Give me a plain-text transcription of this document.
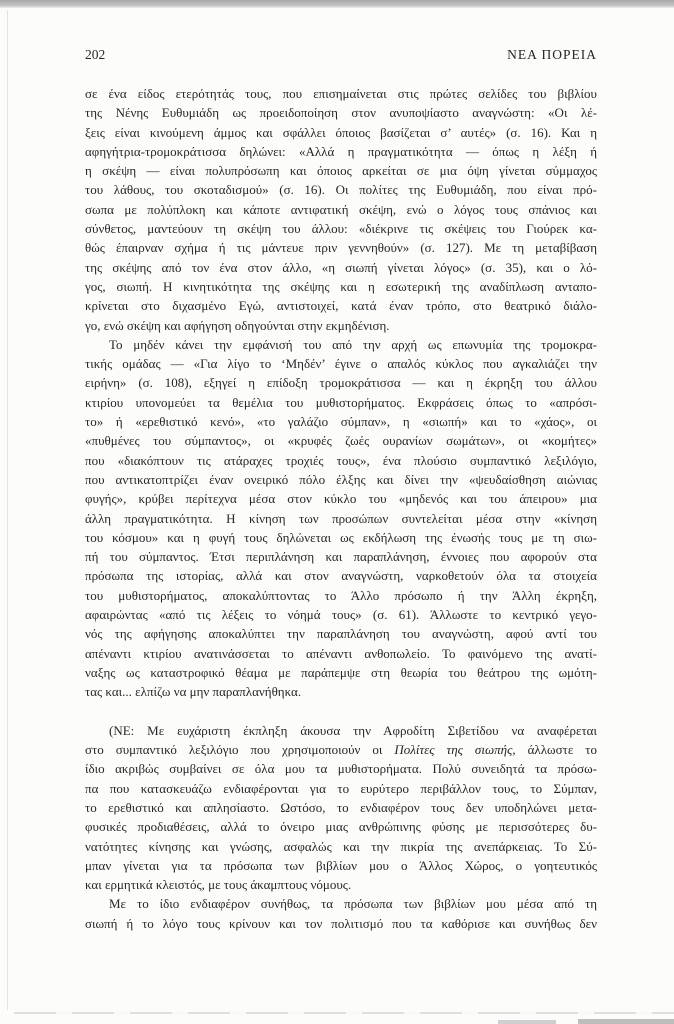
202	ΝΕΑ ΠΟΡΕΙΑ
σε ένα είδος ετερότητάς τους, που επισημαίνεται στις πρώτες σελίδες του βιβλίου
της Νένης Ευθυμιάδη ως προειδοποίηση στον ανυποψίαστο αναγνώστη: «Οι λέ-
ξεις είναι κινούμενη άμμος και σφάλλει όποιος βασίζεται σ’ αυτές» (σ. 16). Και η
αφηγήτρια-τρομοκράτισσα δηλώνει: «Αλλά η πραγματικότητα — όπως η λέξη ή
η σκέψη — είναι πολυπρόσωπη και όποιος αρκείται σε μια όψη γίνεται σύμμαχος
του λάθους, του σκοταδισμού» (σ. 16). Οι πολίτες της Ευθυμιάδη, που είναι πρό-
σωπα με πολύπλοκη και κάποτε αντιφατική σκέψη, ενώ ο λόγος τους σπάνιος και
σύνθετος, μαντεύουν τη σκέψη του άλλου: «διέκρινε τις σκέψεις του Γιούρεκ κα-
θώς έπαιρναν σχήμα ή τις μάντευε πριν γεννηθούν» (σ. 127). Με τη μεταβίβαση
της σκέψης από τον ένα στον άλλο, «η σιωπή γίνεται λόγος» (σ. 35), και ο λό-
γος, σιωπή. Η κινητικότητα της σκέψης και η εσωτερική της αναδίπλωση ανταπο-
κρίνεται στο διχασμένο Εγώ, αντιστοιχεί, κατά έναν τρόπο, στο θεατρικό διάλο-
γο, ενώ σκέψη και αφήγηση οδηγούνται στην εκμηδένιση.
Το μηδέν κάνει την εμφάνισή του από την αρχή ως επωνυμία της τρομοκρα-
τικής ομάδας — «Για λίγο το ‘Μηδέν’ έγινε ο απαλός κύκλος που αγκαλιάζει την
ειρήνη» (σ. 108), εξηγεί η επίδοξη τρομοκράτισσα — και η έκρηξη του άλλου
κτιρίου υπονομεύει τα θεμέλια του μυθιστορήματος. Εκφράσεις όπως το «απρόσι-
το» ή «ερεθιστικό κενό», «το γαλάζιο σύμπαν», η «σιωπή» και το «χάος», οι
«πυθμένες του σύμπαντος», οι «κρυφές ζωές ουρανίων σωμάτων», οι «κομήτες»
που «διακόπτουν τις ατάραχες τροχιές τους», ένα πλούσιο συμπαντικό λεξιλόγιο,
που αντικατοπτρίζει έναν ονειρικό πόλο έλξης και δίνει την «ψευδαίσθηση αιώνιας
φυγής», κρύβει περίτεχνα μέσα στον κύκλο του «μηδενός και του άπειρου» μια
άλλη πραγματικότητα. Η κίνηση των προσώπων συντελείται μέσα στην «κίνηση
του κόσμου» και η φυγή τους δηλώνεται ως εκδήλωση της ένωσής τους με τη σιω-
πή του σύμπαντος. Έτσι περιπλάνηση και παραπλάνηση, έννοιες που αφορούν στα
πρόσωπα της ιστορίας, αλλά και στον αναγνώστη, ναρκοθετούν όλα τα στοιχεία
του μυθιστορήματος, αποκαλύπτοντας το Άλλο πρόσωπο ή την Άλλη έκρηξη,
αφαιρώντας «από τις λέξεις το νόημά τους» (σ. 61). Άλλωστε το κεντρικό γεγο-
νός της αφήγησης αποκαλύπτει την παραπλάνηση του αναγνώστη, αφού αντί του
απέναντι κτιρίου ανατινάσσεται το απέναντι ανθοπωλείο. Το φαινόμενο της ανατί-
ναξης ως καταστροφικό θέαμα με παράπεμψε στη θεωρία του θεάτρου της ωμότη-
τας και... ελπίζω να μην παραπλανήθηκα.
(ΝΕ: Με ευχάριστη έκπληξη άκουσα την Αφροδίτη Σιβετίδου να αναφέρεται
στο συμπαντικό λεξιλόγιο που χρησιμοποιούν οι Πολίτες της σιωπής, άλλωστε το
ίδιο ακριβώς συμβαίνει σε όλα μου τα μυθιστορήματα. Πολύ συνειδητά τα πρόσω-
πα που κατασκευάζω ενδιαφέρονται για το ευρύτερο περιβάλλον τους, το Σύμπαν,
το ερεθιστικό και απλησίαστο. Ωστόσο, το ενδιαφέρον τους δεν υποδηλώνει μετα-
φυσικές προδιαθέσεις, αλλά το όνειρο μιας ανθρώπινης φύσης με περισσότερες δυ-
νατότητες κίνησης και γνώσης, ασφαλώς και την πικρία της ανεπάρκειας. Το Σύ-
μπαν γίνεται για τα πρόσωπα των βιβλίων μου ο Άλλος Χώρος, ο γοητευτικός
και ερμητικά κλειστός, με τους άκαμπτους νόμους.
Με το ίδιο ενδιαφέρον συνήθως, τα πρόσωπα των βιβλίων μου μέσα από τη
σιωπή ή το λόγο τους κρίνουν και τον πολιτισμό που τα καθόρισε και συνήθως δεν
